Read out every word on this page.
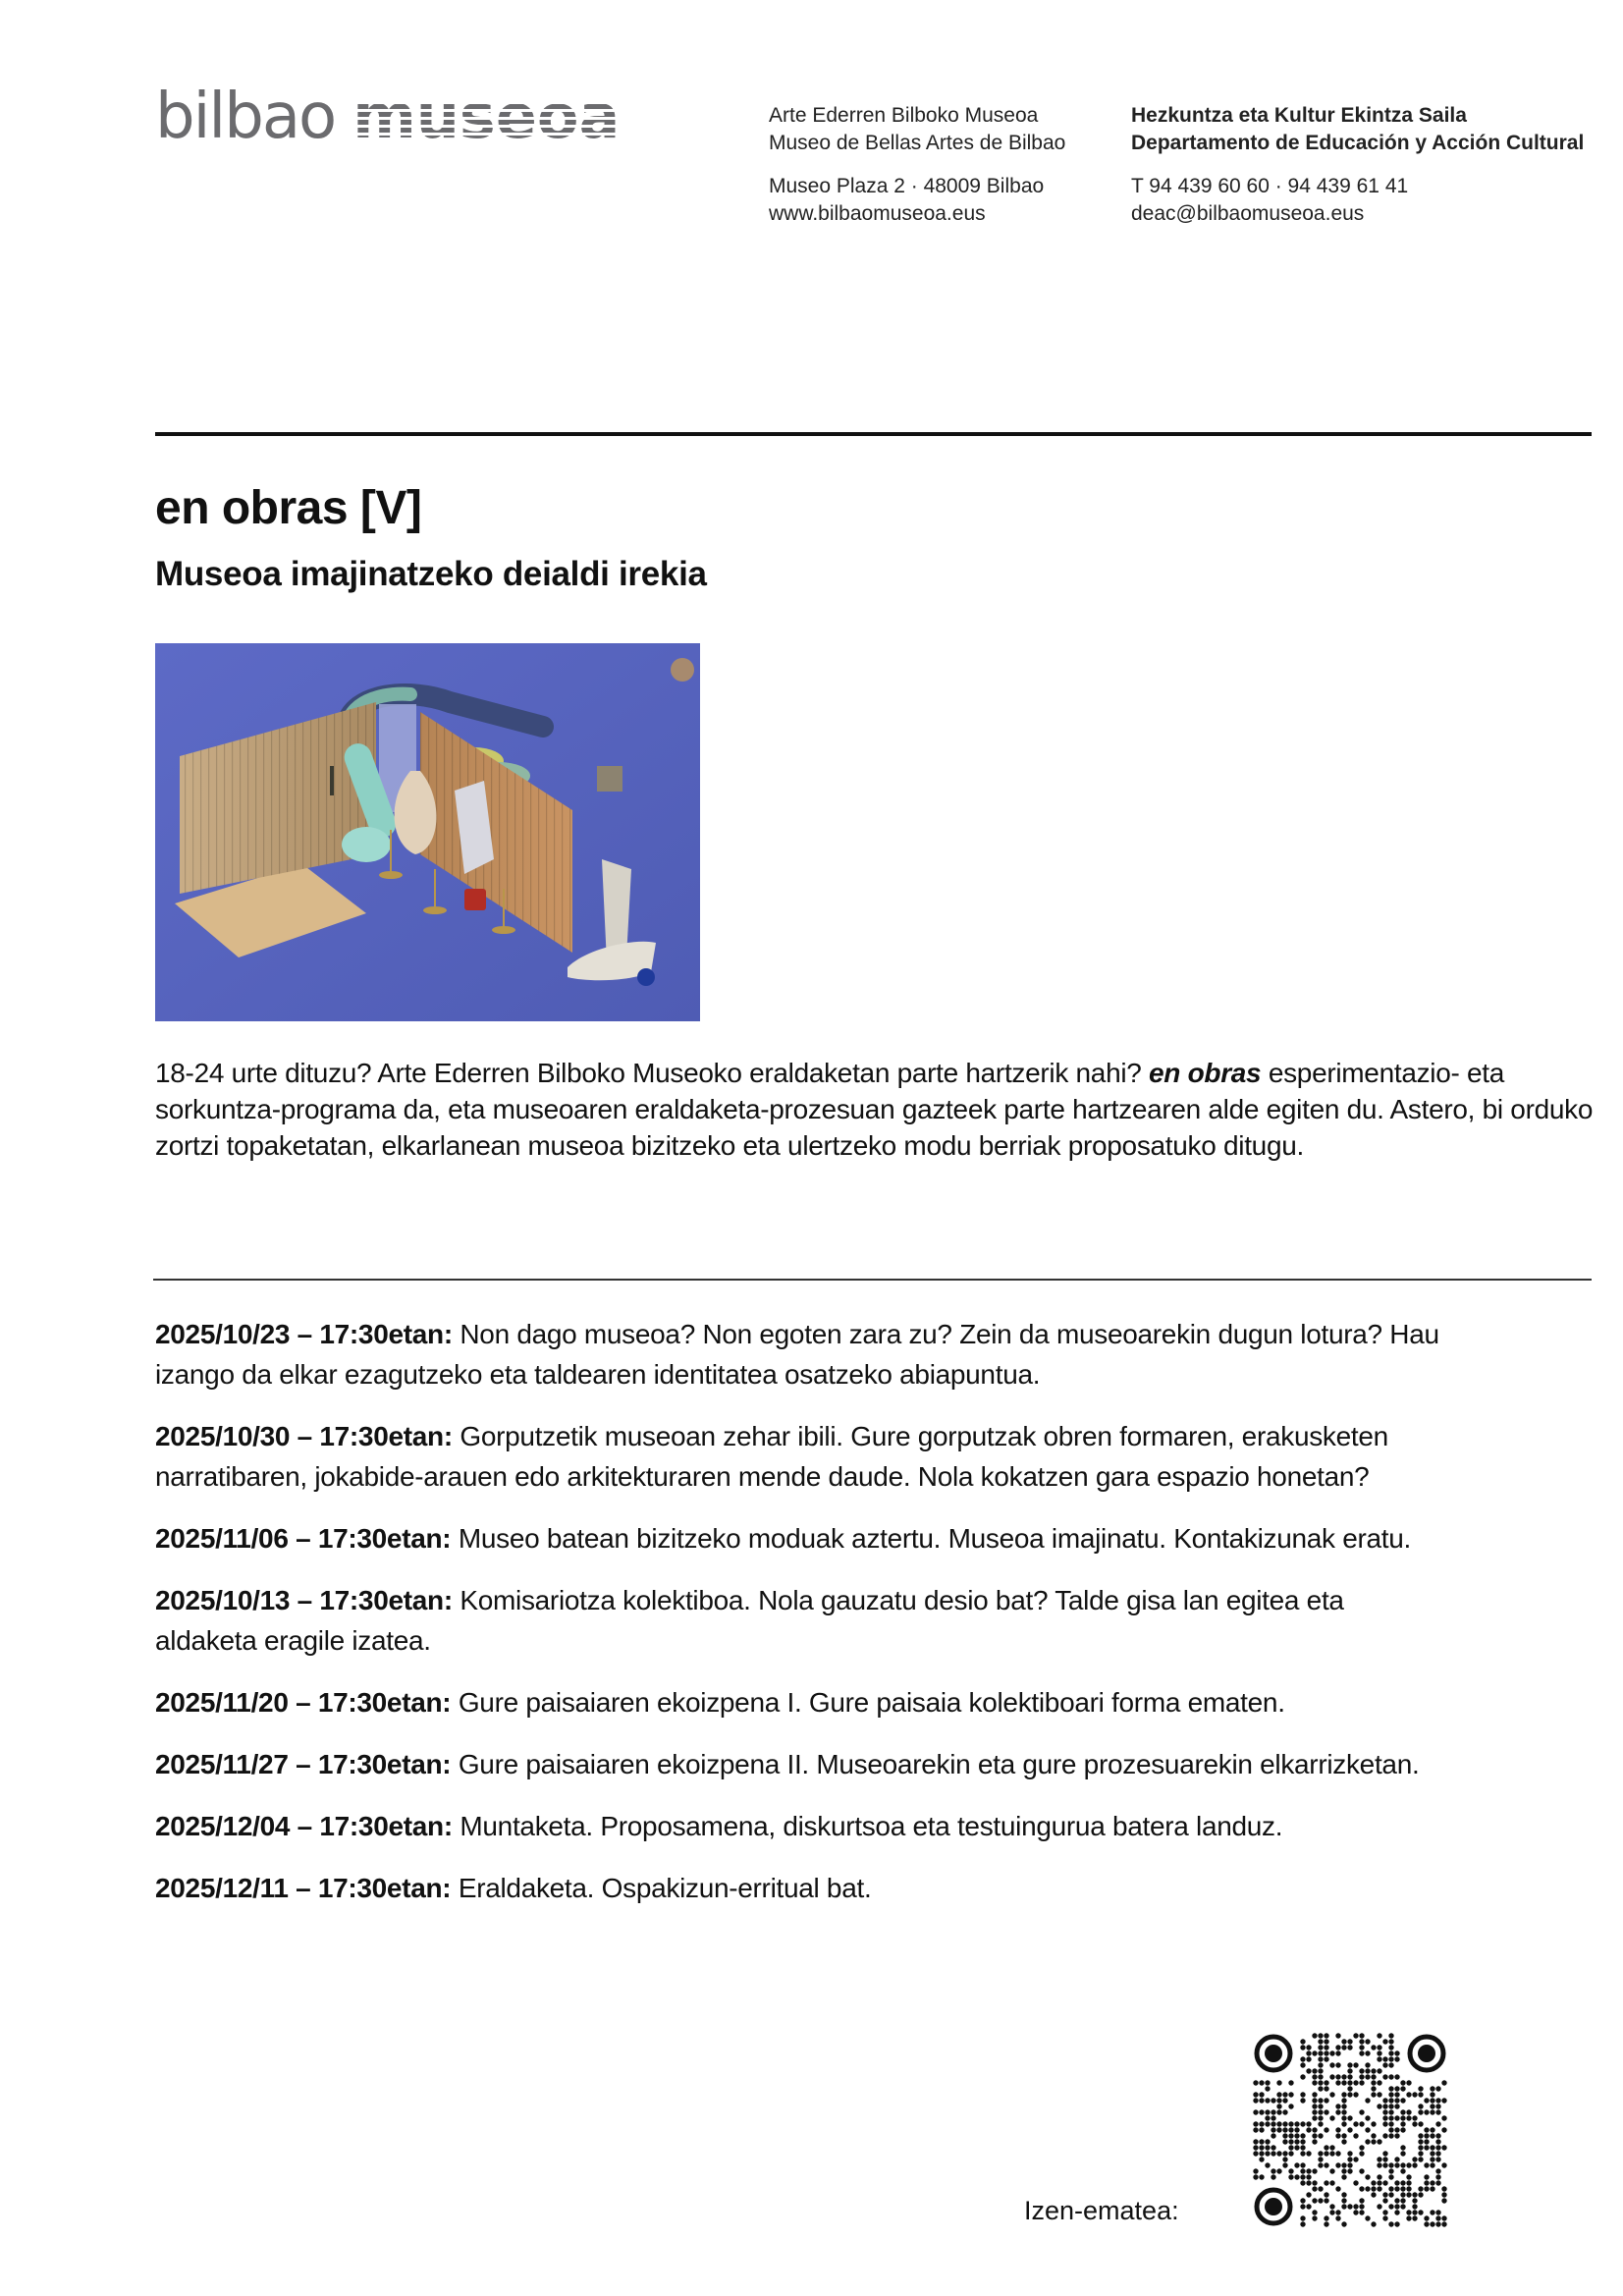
bilbao museoa	Arte Ederren Bilboko Museoa
Museo de Bellas Artes de Bilbao
Museo Plaza 2 · 48009 Bilbao
www.bilbaomuseoa.eus
Hezkuntza eta Kultur Ekintza Saila
Departamento de Educación y Acción Cultural
T 94 439 60 60 · 94 439 61 41
deac@bilbaomuseoa.eus
en obras [V]
Museoa imajinatzeko deialdi irekia

18-24 urte dituzu? Arte Ederren Bilboko Museoko eraldaketan parte hartzerik nahi? en obras esperimentazio- eta sorkuntza-programa da, eta museoaren eraldaketa-prozesuan gazteek parte hartzearen alde egiten du. Astero, bi orduko zortzi topaketatan, elkarlanean museoa bizitzeko eta ulertzeko modu berriak proposatuko ditugu.

2025/10/23 – 17:30etan: Non dago museoa? Non egoten zara zu? Zein da museoarekin dugun lotura? Hau izango da elkar ezagutzeko eta taldearen identitatea osatzeko abiapuntua.

2025/10/30 – 17:30etan: Gorputzetik museoan zehar ibili. Gure gorputzak obren formaren, erakusketen narratibaren, jokabide-arauen edo arkitekturaren mende daude. Nola kokatzen gara espazio honetan?

2025/11/06 – 17:30etan: Museo batean bizitzeko moduak aztertu. Museoa imajinatu. Kontakizunak eratu.

2025/10/13 – 17:30etan: Komisariotza kolektiboa. Nola gauzatu desio bat? Talde gisa lan egitea eta aldaketa eragile izatea.

2025/11/20 – 17:30etan: Gure paisaiaren ekoizpena I. Gure paisaia kolektiboari forma ematen.

2025/11/27 – 17:30etan: Gure paisaiaren ekoizpena II. Museoarekin eta gure prozesuarekin elkarrizketan.

2025/12/04 – 17:30etan: Muntaketa. Proposamena, diskurtsoa eta testuingurua batera landuz.

2025/12/11 – 17:30etan: Eraldaketa. Ospakizun-erritual bat.

Izen-ematea:
